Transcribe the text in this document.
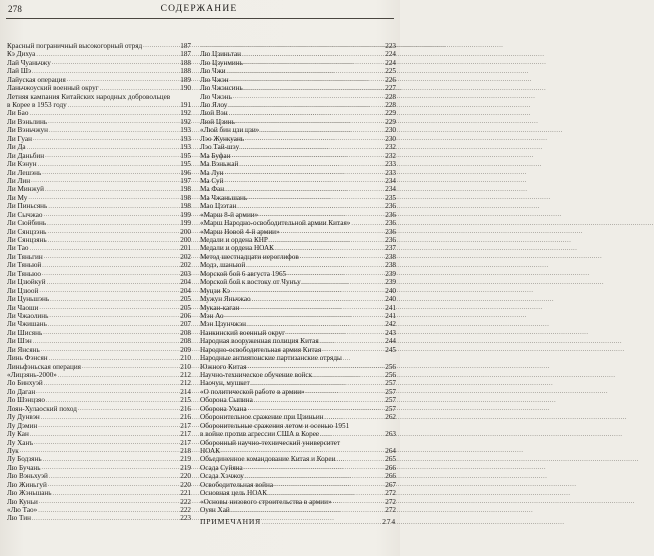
278	СОДЕРЖАНИЕ
Красный пограничный высокогорный отряд .....	187
Кэ Дихуа .....	187
Лай Чуаньчжу .....	188
Лай Шэ .....	188
Лайуская операция .....	189
Ланьчжоуский военный округ .....	190
Летняя кампания Китайских народных добровольцев
в Корее в 1953 году .....	191
Ли Бао .....	192
Ли Вэньлинь .....	192
Ли Вэньчжун .....	193
Ли Гуан .....	193
Ли Да .....	193
Ли Даньбин .....	195
Ли Кэнун .....	195
Ли Лешэнь .....	196
Ли Лин .....	197
Ли Минжуй .....	198
Ли Му .....	198
Ли Пиньсянь .....	198
Ли Сычжао .....	199
Ли Сюйбинь .....	199
Ли Сянцзэнь .....	200
Ли Сянцзянь .....	200
Ли Тао .....	201
Ли Тяньгин .....	202
Ли Тяньюй .....	202
Ли Тяньюо .....	203
Ли Цзюйкуй .....	204
Ли Цзюой .....	204
Ли Цуньшэнь .....	205
Ли Чаоши .....	205
Ли Чжаолинь .....	206
Ли Чжишань .....	207
Ли Шисянь .....	208
Ли Шэн .....	208
Ли Янсянь .....	209
Линь Фэнсян .....	210
Линьфэньская операция .....	210
«Лицзянь-2000» .....	212
Ло Бинхуэй .....	212
Ло Даган .....	214
Ло Шэнцзяо .....	215
Лоян-Хулаоский поход .....	216
Лу Дунвэн .....	216
Лу Дэмин .....	217
Лу Кан .....	217
Лу Ханъ .....	217
Лук .....	218
Лу Бодзянь .....	219
Лю Бучань .....	219
Лю Вэньхуэй .....	220
Лю Жиньгуй .....	220
Лю Жэньшань .....	221
Лю Куньи .....	222
«Лю Тао» .....	222
Лю Тин .....	223
.....
223
Лю Цзиньтан .....	224
Лю Цзунминь .....	224
Лю Чжи .....	225
Лю Чжэн .....	226
Лю Чжэнсинь .....	227
Лю Чжэнь .....	228
Лю Ялоу .....	228
Люй Вэн .....	229
Люй Цзинь .....	229
«Люй бин цзи цзи» .....	230
Лэо Жункуань .....	230
Лэо Тай-шэу .....	232
Ма Буфан .....	232
Ма Вэньжай .....	233
Ма Лун .....	233
Ма Суй .....	234
Ма Фан .....	234
Ма Чжаньшань .....	235
Мао Цзэтан .....	236
«Марш 8-й армии» .....	236
«Марш Народно-освободительной армии Китая» .....	236
«Марш Новой 4-й армии» .....	236
Медали и ордена КНР .....	236
Медали и ордена НОАК .....	237
Метод шестнадцати иероглифов .....	238
Модэ, шаньюй .....	238
Морской бой 6 августа 1965 .....	239
Морской бой к востоку от Чунъу .....	239
Муцзи Кэ .....	240
Мужун Яньчжао .....	240
Мукан-каган .....	241
Мэн Ао .....	241
Мэн Цзунчжэн .....	242
Нанкинский военный округ .....	243
Народная вооруженная полиция Китая .....	244
Народно-освободительная армия Китая .....	245
Народные антияпонские партизанские отряды
Южного Китая .....	256
Научно-техническое обучение войск .....	256
Наочун, мушкет .....	257
«О политической работе в армии» .....	257
Оборона Сыпина .....	257
Оборона Ухана .....	257
Оборонительное сражение при Цзиньин .....	262
Оборонительные сражения летом и осенью 1951
в войне против агрессии США в Корее .....	263
Оборонный научно-технический университет
НОАК .....	264
Объединенное командование Китая и Кореи .....	265
Осада Суйяна .....	266
Осада Хэчжоу .....	266
Освободительная война .....	267
Основная цель НОАК .....	272
«Основы низового строительства в армии» .....	272
Оуян Хай .....	272
ПРИМЕЧАНИЯ .....	274
